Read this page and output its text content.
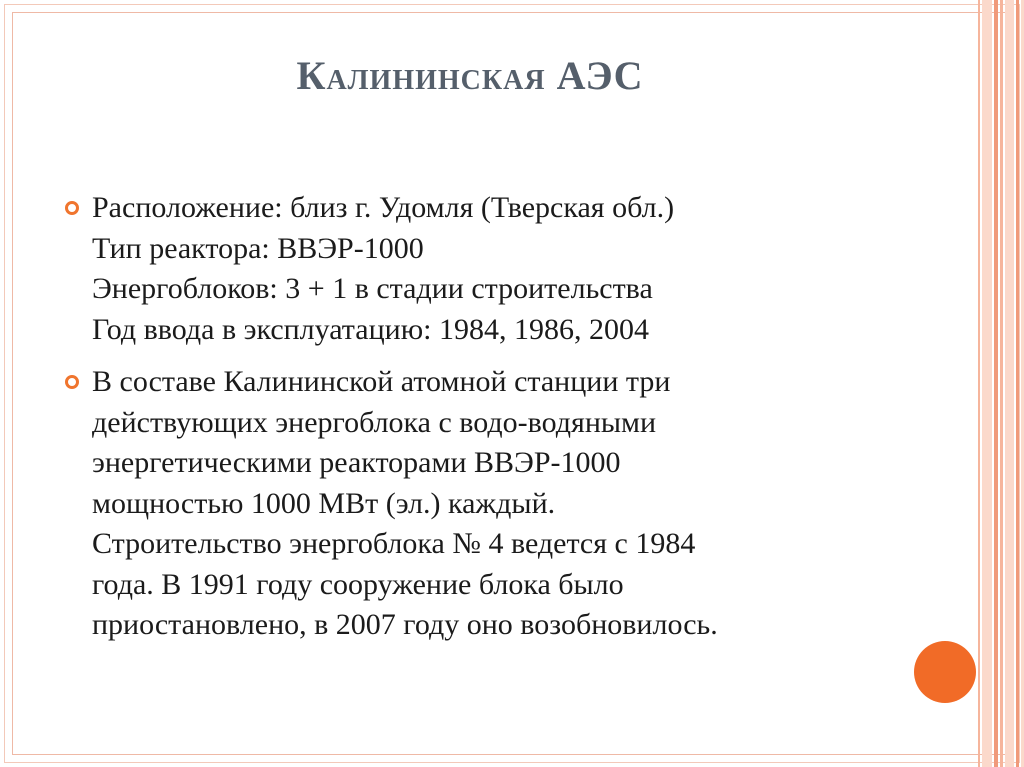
Калининская АЭС
Расположение: близ г. Удомля (Тверская обл.)
Тип реактора: ВВЭР-1000
Энергоблоков: 3 + 1 в стадии строительства
Год ввода в эксплуатацию: 1984, 1986, 2004
В составе Калининской атомной станции три
действующих энергоблока с водо-водяными
энергетическими реакторами ВВЭР-1000
мощностью 1000 МВт (эл.) каждый.
Строительство энергоблока № 4 ведется с 1984
года. В 1991 году сооружение блока было
приостановлено, в 2007 году оно возобновилось.
